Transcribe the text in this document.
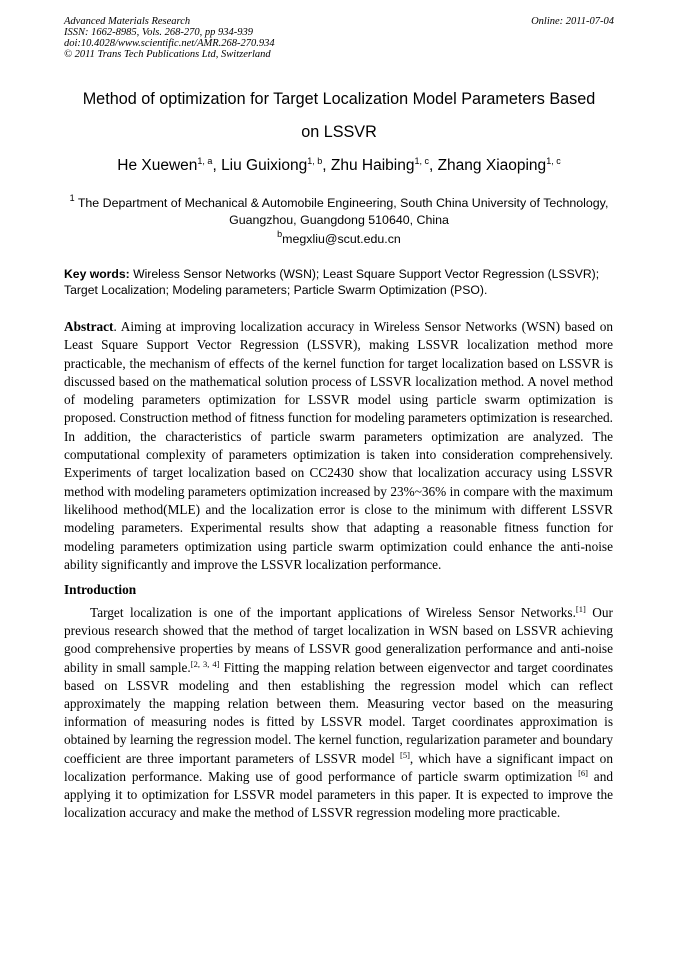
Advanced Materials Research
ISSN: 1662-8985, Vols. 268-270, pp 934-939
doi:10.4028/www.scientific.net/AMR.268-270.934
© 2011 Trans Tech Publications Ltd, Switzerland
Online: 2011-07-04
Method of optimization for Target Localization Model Parameters Based
on LSSVR
He Xuewen$^{1, a}$, Liu Guixiong$^{1, b}$, Zhu Haibing$^{1, c}$, Zhang Xiaoping$^{1, c}$
$^1$ The Department of Mechanical & Automobile Engineering, South China University of Technology,
Guangzhou, Guangdong 510640, China
$^b$megxliu@scut.edu.cn
Key words: Wireless Sensor Networks (WSN); Least Square Support Vector Regression (LSSVR); Target Localization; Modeling parameters; Particle Swarm Optimization (PSO).
Abstract. Aiming at improving localization accuracy in Wireless Sensor Networks (WSN) based on Least Square Support Vector Regression (LSSVR), making LSSVR localization method more practicable, the mechanism of effects of the kernel function for target localization based on LSSVR is discussed based on the mathematical solution process of LSSVR localization method. A novel method of modeling parameters optimization for LSSVR model using particle swarm optimization is proposed. Construction method of fitness function for modeling parameters optimization is researched. In addition, the characteristics of particle swarm parameters optimization are analyzed. The computational complexity of parameters optimization is taken into consideration comprehensively. Experiments of target localization based on CC2430 show that localization accuracy using LSSVR method with modeling parameters optimization increased by 23%~36% in compare with the maximum likelihood method(MLE) and the localization error is close to the minimum with different LSSVR modeling parameters. Experimental results show that adapting a reasonable fitness function for modeling parameters optimization using particle swarm optimization could enhance the anti-noise ability significantly and improve the LSSVR localization performance.
Introduction
Target localization is one of the important applications of Wireless Sensor Networks.[1] Our previous research showed that the method of target localization in WSN based on LSSVR achieving good comprehensive properties by means of LSSVR good generalization performance and anti-noise ability in small sample.[2, 3, 4] Fitting the mapping relation between eigenvector and target coordinates based on LSSVR modeling and then establishing the regression model which can reflect approximately the mapping relation between them. Measuring vector based on the measuring information of measuring nodes is fitted by LSSVR model. Target coordinates approximation is obtained by learning the regression model. The kernel function, regularization parameter and boundary coefficient are three important parameters of LSSVR model [5], which have a significant impact on localization performance. Making use of good performance of particle swarm optimization [6] and applying it to optimization for LSSVR model parameters in this paper. It is expected to improve the localization accuracy and make the method of LSSVR regression modeling more practicable.
